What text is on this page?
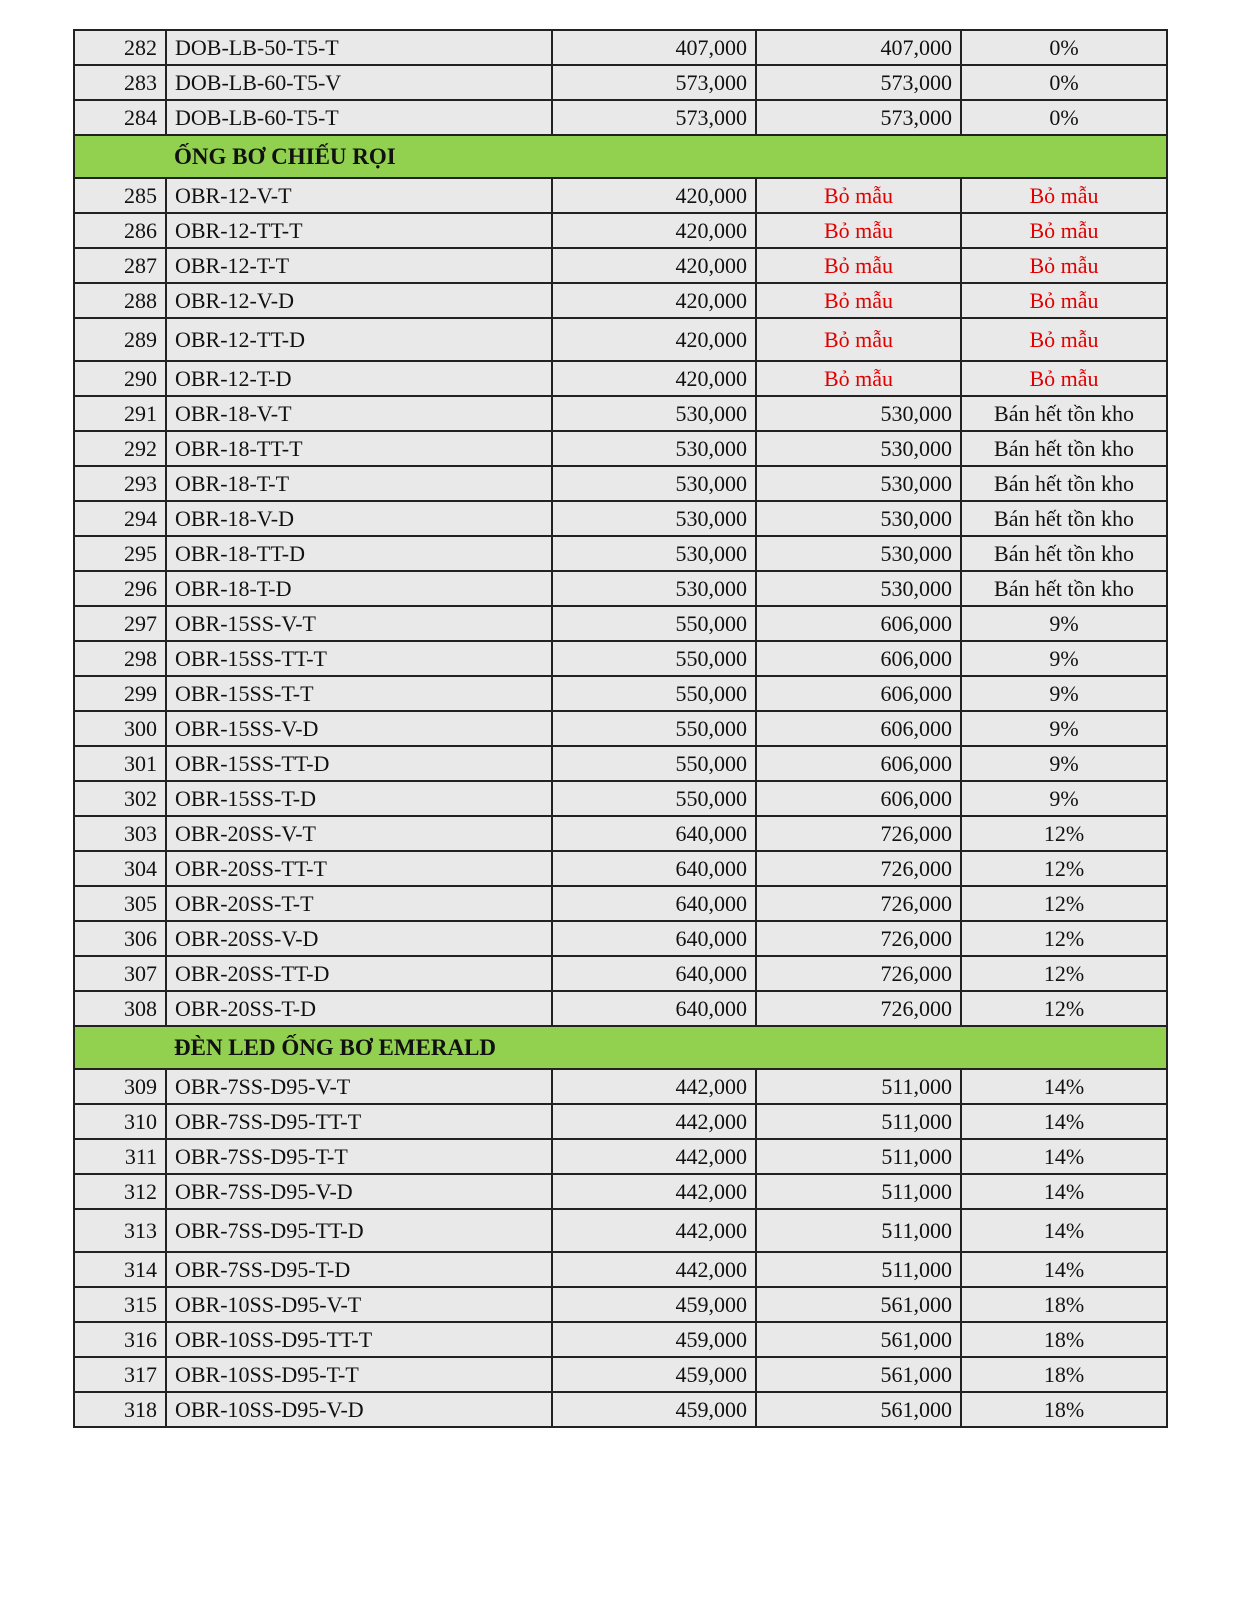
282	DOB-LB-50-T5-T	407,000	407,000	0%
283	DOB-LB-60-T5-V	573,000	573,000	0%
284	DOB-LB-60-T5-T	573,000	573,000	0%
	ỐNG BƠ CHIẾU RỌI			
285	OBR-12-V-T	420,000	Bỏ mẫu	Bỏ mẫu
286	OBR-12-TT-T	420,000	Bỏ mẫu	Bỏ mẫu
287	OBR-12-T-T	420,000	Bỏ mẫu	Bỏ mẫu
288	OBR-12-V-D	420,000	Bỏ mẫu	Bỏ mẫu
289	OBR-12-TT-D	420,000	Bỏ mẫu	Bỏ mẫu
290	OBR-12-T-D	420,000	Bỏ mẫu	Bỏ mẫu
291	OBR-18-V-T	530,000	530,000	Bán hết tồn kho
292	OBR-18-TT-T	530,000	530,000	Bán hết tồn kho
293	OBR-18-T-T	530,000	530,000	Bán hết tồn kho
294	OBR-18-V-D	530,000	530,000	Bán hết tồn kho
295	OBR-18-TT-D	530,000	530,000	Bán hết tồn kho
296	OBR-18-T-D	530,000	530,000	Bán hết tồn kho
297	OBR-15SS-V-T	550,000	606,000	9%
298	OBR-15SS-TT-T	550,000	606,000	9%
299	OBR-15SS-T-T	550,000	606,000	9%
300	OBR-15SS-V-D	550,000	606,000	9%
301	OBR-15SS-TT-D	550,000	606,000	9%
302	OBR-15SS-T-D	550,000	606,000	9%
303	OBR-20SS-V-T	640,000	726,000	12%
304	OBR-20SS-TT-T	640,000	726,000	12%
305	OBR-20SS-T-T	640,000	726,000	12%
306	OBR-20SS-V-D	640,000	726,000	12%
307	OBR-20SS-TT-D	640,000	726,000	12%
308	OBR-20SS-T-D	640,000	726,000	12%
	ĐÈN LED ỐNG BƠ EMERALD			
309	OBR-7SS-D95-V-T	442,000	511,000	14%
310	OBR-7SS-D95-TT-T	442,000	511,000	14%
311	OBR-7SS-D95-T-T	442,000	511,000	14%
312	OBR-7SS-D95-V-D	442,000	511,000	14%
313	OBR-7SS-D95-TT-D	442,000	511,000	14%
314	OBR-7SS-D95-T-D	442,000	511,000	14%
315	OBR-10SS-D95-V-T	459,000	561,000	18%
316	OBR-10SS-D95-TT-T	459,000	561,000	18%
317	OBR-10SS-D95-T-T	459,000	561,000	18%
318	OBR-10SS-D95-V-D	459,000	561,000	18%
